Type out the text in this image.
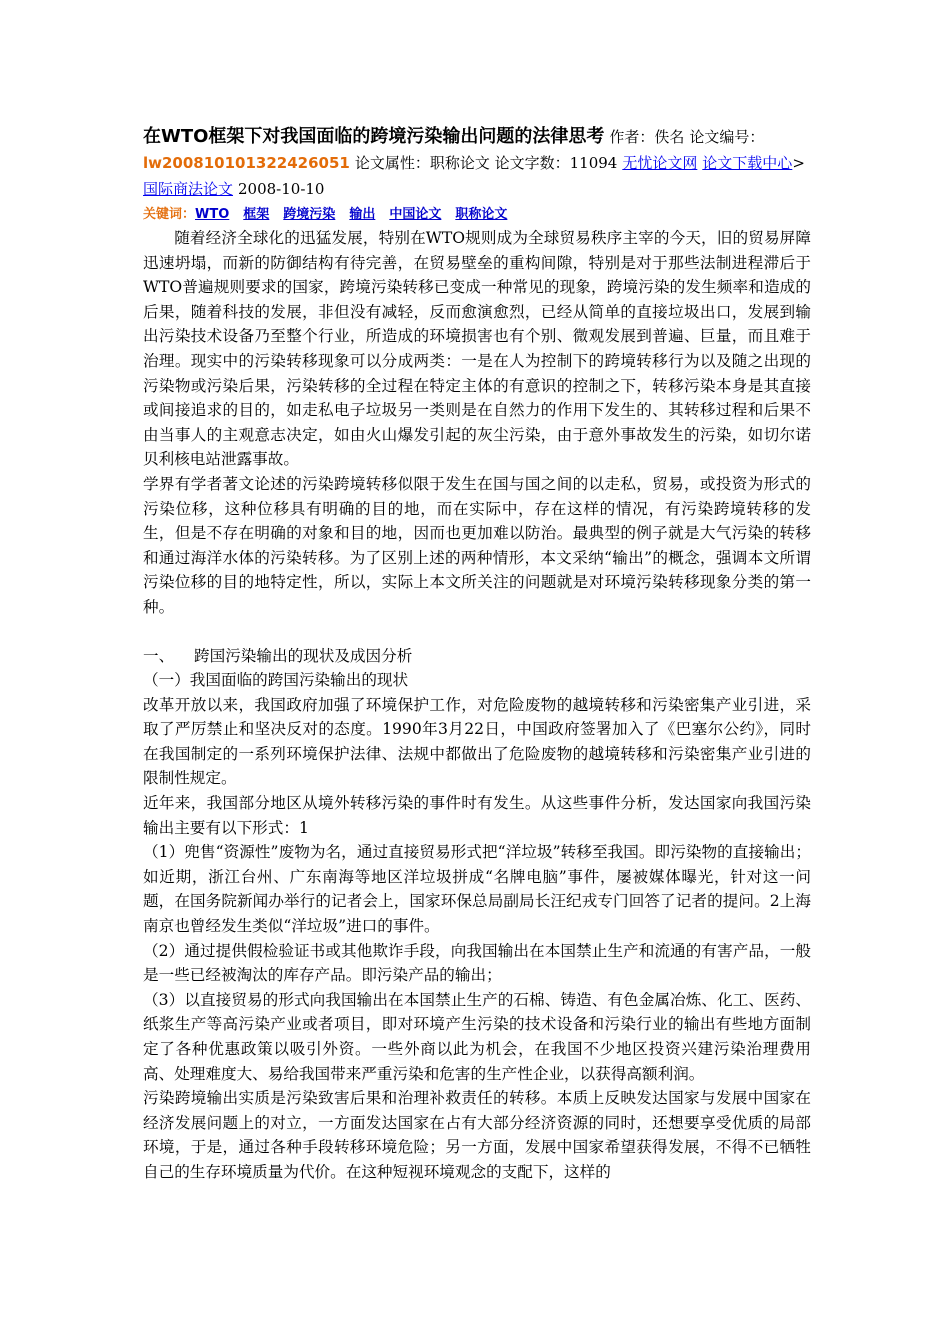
在WTO框架下对我国面临的跨境污染输出问题的法律思考 作者：佚名 论文编号： lw200810101322426051 论文属性：职称论文 论文字数：11094 无忧论文网 论文下载中心> 国际商法论文 2008-10-10
关键词：WTO 框架 跨境污染 输出 中国论文 职称论文

随着经济全球化的迅猛发展，特别在WTO规则成为全球贸易秩序主宰的今天，旧的贸易屏障迅速坍塌，而新的防御结构有待完善，在贸易壁垒的重构间隙，特别是对于那些法制进程滞后于WTO普遍规则要求的国家，跨境污染转移已变成一种常见的现象，跨境污染的发生频率和造成的后果，随着科技的发展，非但没有减轻，反而愈演愈烈，已经从简单的直接垃圾出口，发展到输出污染技术设备乃至整个行业，所造成的环境损害也有个别、微观发展到普遍、巨量，而且难于治理。现实中的污染转移现象可以分成两类：一是在人为控制下的跨境转移行为以及随之出现的污染物或污染后果，污染转移的全过程在特定主体的有意识的控制之下，转移污染本身是其直接或间接追求的目的，如走私电子垃圾另一类则是在自然力的作用下发生的、其转移过程和后果不由当事人的主观意志决定，如由火山爆发引起的灰尘污染，由于意外事故发生的污染，如切尔诺贝利核电站泄露事故。

学界有学者著文论述的污染跨境转移似限于发生在国与国之间的以走私，贸易，或投资为形式的污染位移，这种位移具有明确的目的地，而在实际中，存在这样的情况，有污染跨境转移的发生，但是不存在明确的对象和目的地，因而也更加难以防治。最典型的例子就是大气污染的转移和通过海洋水体的污染转移。为了区别上述的两种情形，本文采纳“输出”的概念，强调本文所谓污染位移的目的地特定性，所以，实际上本文所关注的问题就是对环境污染转移现象分类的第一种。

一、    跨国污染输出的现状及成因分析

（一）我国面临的跨国污染输出的现状

改革开放以来，我国政府加强了环境保护工作，对危险废物的越境转移和污染密集产业引进，采取了严厉禁止和坚决反对的态度。1990年3月22日，中国政府签署加入了《巴塞尔公约》，同时在我国制定的一系列环境保护法律、法规中都做出了危险废物的越境转移和污染密集产业引进的限制性规定。

近年来，我国部分地区从境外转移污染的事件时有发生。从这些事件分析，发达国家向我国污染输出主要有以下形式：1

（1）兜售“资源性”废物为名，通过直接贸易形式把“洋垃圾”转移至我国。即污染物的直接输出；如近期，浙江台州、广东南海等地区洋垃圾拼成“名牌电脑”事件，屡被媒体曝光，针对这一问题，在国务院新闻办举行的记者会上，国家环保总局副局长汪纪戎专门回答了记者的提问。2上海南京也曾经发生类似“洋垃圾”进口的事件。

（2）通过提供假检验证书或其他欺诈手段，向我国输出在本国禁止生产和流通的有害产品，一般是一些已经被淘汰的库存产品。即污染产品的输出；

（3）以直接贸易的形式向我国输出在本国禁止生产的石棉、铸造、有色金属冶炼、化工、医药、纸浆生产等高污染产业或者项目，即对环境产生污染的技术设备和污染行业的输出有些地方面制定了各种优惠政策以吸引外资。一些外商以此为机会，在我国不少地区投资兴建污染治理费用高、处理难度大、易给我国带来严重污染和危害的生产性企业，以获得高额利润。

污染跨境输出实质是污染致害后果和治理补救责任的转移。本质上反映发达国家与发展中国家在经济发展问题上的对立，一方面发达国家在占有大部分经济资源的同时，还想要享受优质的局部环境，于是，通过各种手段转移环境危险；另一方面，发展中国家希望获得发展，不得不已牺牲自己的生存环境质量为代价。在这种短视环境观念的支配下，这样的
